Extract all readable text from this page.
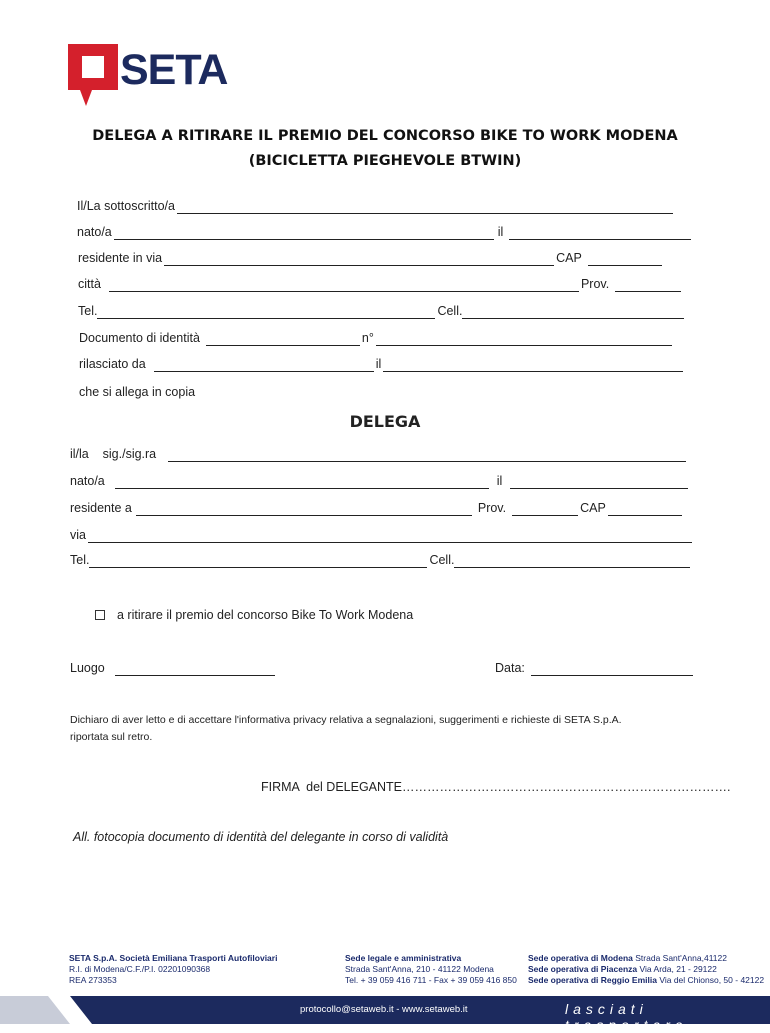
SETA
DELEGA A RITIRARE IL PREMIO DEL CONCORSO BIKE TO WORK MODENA
(BICICLETTA PIEGHEVOLE BTWIN)
Il/La sottoscritto/a
nato/a	il
residente in via	CAP
città	Prov.
Tel.	Cell.
Documento di identità	n°
rilasciato da	il
che si allega in copia
DELEGA
il/la    sig./sig.ra
nato/a	il
residente a	Prov.	CAP
via
Tel.	Cell.
a ritirare il premio del concorso Bike To Work Modena
Luogo	Data:
Dichiaro di aver letto e di accettare l'informativa privacy relativa a segnalazioni, suggerimenti e richieste di SETA S.p.A.
riportata sul retro.
FIRMA  del DELEGANTE…………………………………………………………………….
All. fotocopia documento di identità del delegante in corso di validità
SETA S.p.A. Società Emiliana Trasporti Autofiloviari
R.I. di Modena/C.F./P.I. 02201090368
REA 273353
Sede legale e amministrativa
Strada Sant'Anna, 210 - 41122 Modena
Tel. + 39 059 416 711 - Fax + 39 059 416 850
Sede operativa di Modena Strada Sant'Anna,41122
Sede operativa di Piacenza Via Arda, 21 - 29122
Sede operativa di Reggio Emilia Via del Chionso, 50 - 42122
protocollo@setaweb.it - www.setaweb.it	lasciati trasportare
